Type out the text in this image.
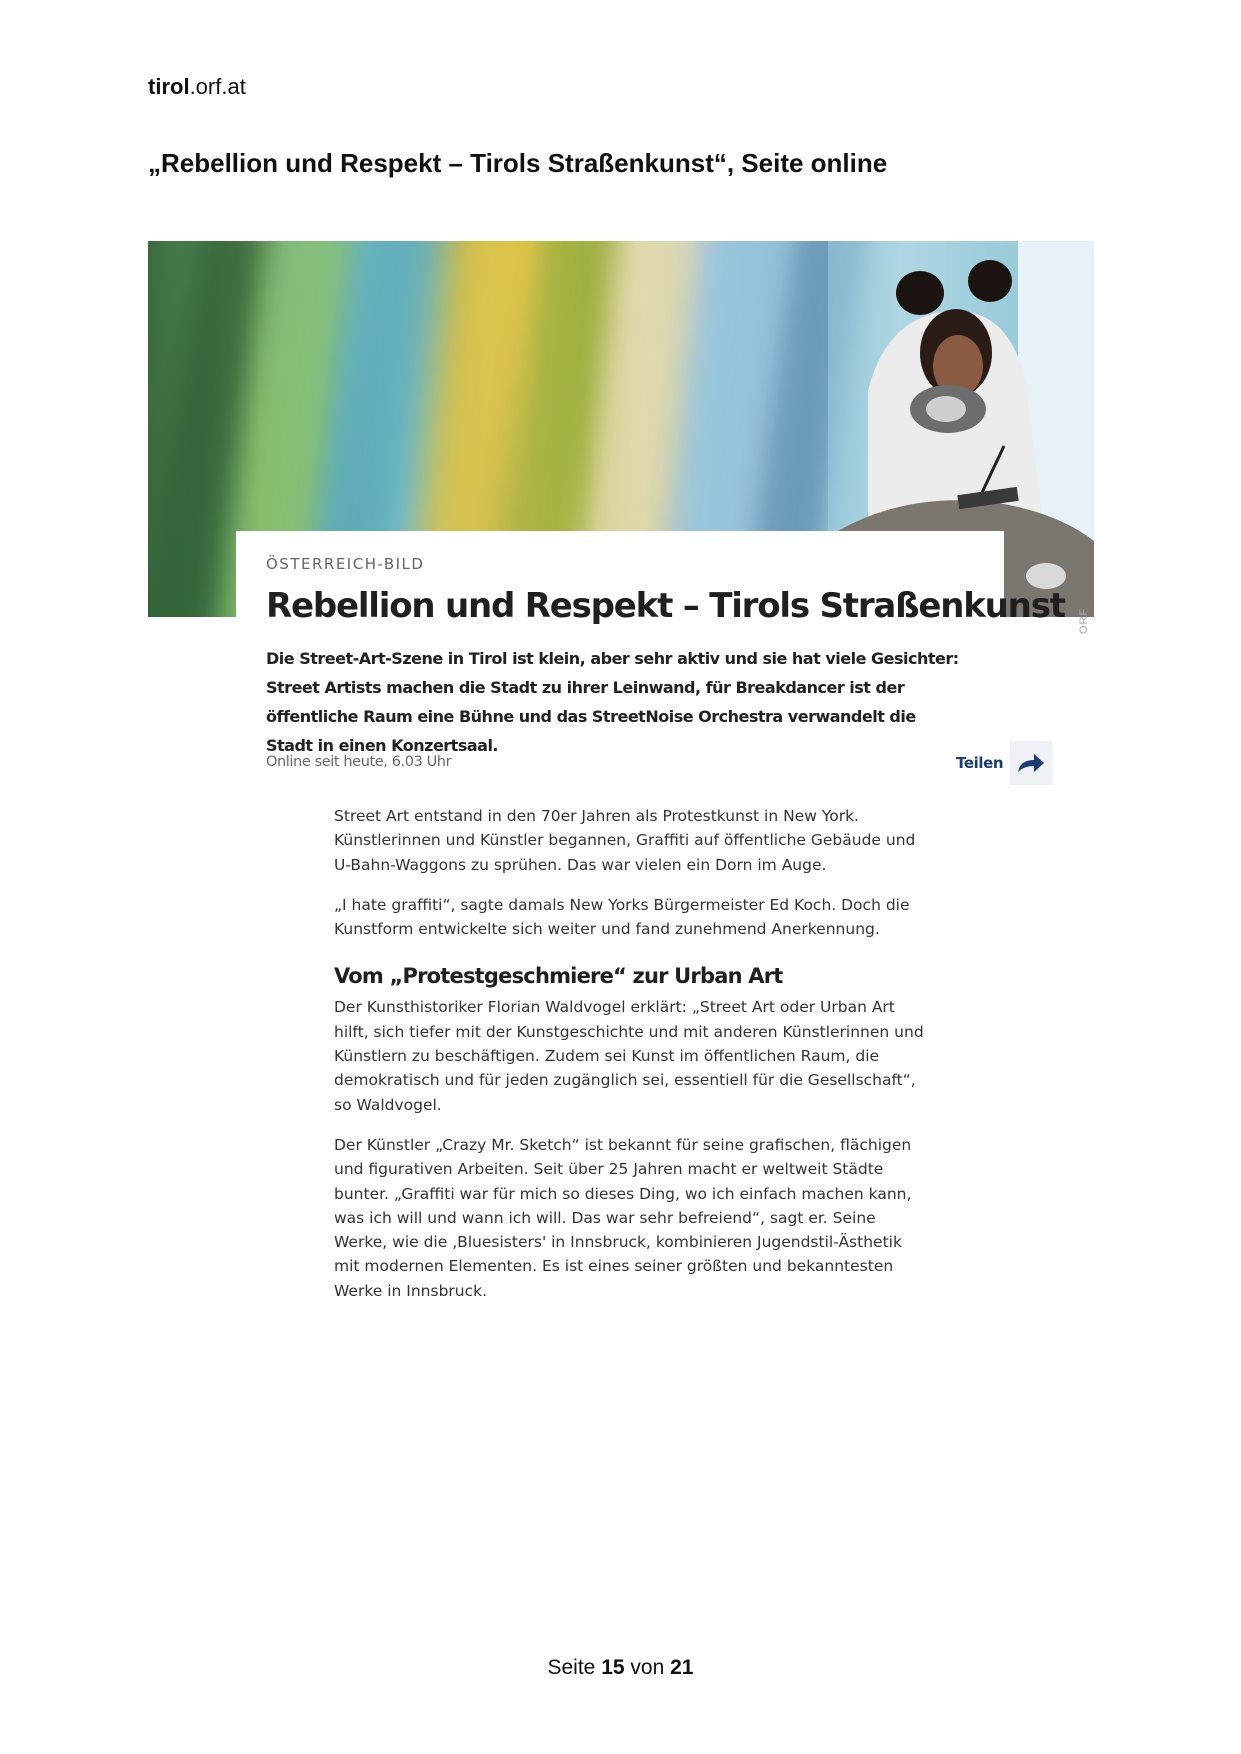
tirol.orf.at
„Rebellion und Respekt – Tirols Straßenkunst“, Seite online
ÖSTERREICH-BILD
Rebellion und Respekt – Tirols Straßenkunst
Die Street-Art-Szene in Tirol ist klein, aber sehr aktiv und sie hat viele Gesichter: Street Artists machen die Stadt zu ihrer Leinwand, für Breakdancer ist der öffentliche Raum eine Bühne und das StreetNoise Orchestra verwandelt die Stadt in einen Konzertsaal.
ORF
Online seit heute, 6.03 Uhr	Teilen

Street Art entstand in den 70er Jahren als Protestkunst in New York. Künstlerinnen und Künstler begannen, Graffiti auf öffentliche Gebäude und U-Bahn-Waggons zu sprühen. Das war vielen ein Dorn im Auge.

„I hate graffiti“, sagte damals New Yorks Bürgermeister Ed Koch. Doch die Kunstform entwickelte sich weiter und fand zunehmend Anerkennung.

Vom „Protestgeschmiere“ zur Urban Art

Der Kunsthistoriker Florian Waldvogel erklärt: „Street Art oder Urban Art hilft, sich tiefer mit der Kunstgeschichte und mit anderen Künstlerinnen und Künstlern zu beschäftigen. Zudem sei Kunst im öffentlichen Raum, die demokratisch und für jeden zugänglich sei, essentiell für die Gesellschaft“, so Waldvogel.

Der Künstler „Crazy Mr. Sketch“ ist bekannt für seine grafischen, flächigen und figurativen Arbeiten. Seit über 25 Jahren macht er weltweit Städte bunter. „Graffiti war für mich so dieses Ding, wo ich einfach machen kann, was ich will und wann ich will. Das war sehr befreiend“, sagt er. Seine Werke, wie die ‚Bluesisters' in Innsbruck, kombinieren Jugendstil-Ästhetik mit modernen Elementen. Es ist eines seiner größten und bekanntesten Werke in Innsbruck.

Seite 15 von 21
